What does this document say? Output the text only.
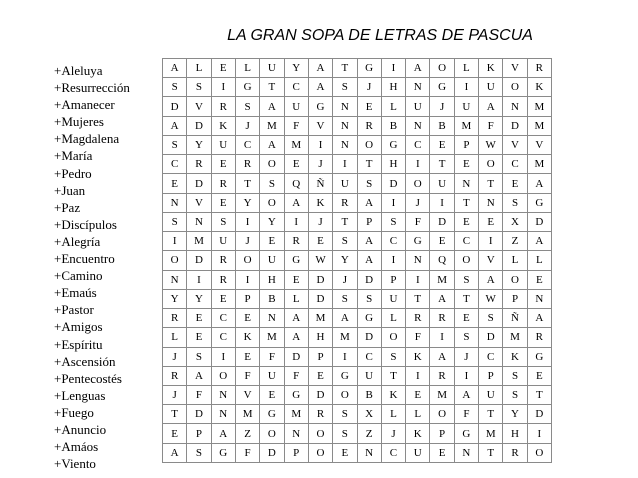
LA GRAN SOPA DE LETRAS DE PASCUA
+Aleluya
+Resurrección
+Amanecer
+Mujeres
+Magdalena
+María
+Pedro
+Juan
+Paz
+Discípulos
+Alegría
+Encuentro
+Camino
+Emaús
+Pastor
+Amigos
+Espíritu
+Ascensión
+Pentecostés
+Lenguas
+Fuego
+Anuncio
+Amáos
+Viento
A	L	E	L	U	Y	A	T	G	I	A	O	L	K	V	R
S	S	I	G	T	C	A	S	J	H	N	G	I	U	O	K
D	V	R	S	A	U	G	N	E	L	U	J	U	A	N	M
A	D	K	J	M	F	V	N	R	B	N	B	M	F	D	M
S	Y	U	C	A	M	I	N	O	G	C	E	P	W	V	V
C	R	E	R	O	E	J	I	T	H	I	T	E	O	C	M
E	D	R	T	S	Q	Ñ	U	S	D	O	U	N	T	E	A
N	V	E	Y	O	A	K	R	A	I	J	I	T	N	S	G
S	N	S	I	Y	I	J	T	P	S	F	D	E	E	X	D
I	M	U	J	E	R	E	S	A	C	G	E	C	I	Z	A
O	D	R	O	U	G	W	Y	A	I	N	Q	O	V	L	L
N	I	R	I	H	E	D	J	D	P	I	M	S	A	O	E
Y	Y	E	P	B	L	D	S	S	U	T	A	T	W	P	N
R	E	C	E	N	A	M	A	G	L	R	R	E	S	Ñ	A
L	E	C	K	M	A	H	M	D	O	F	I	S	D	M	R
J	S	I	E	F	D	P	I	C	S	K	A	J	C	K	G
R	A	O	F	U	F	E	G	U	T	I	R	I	P	S	E
J	F	N	V	E	G	D	O	B	K	E	M	A	U	S	T
T	D	N	M	G	M	R	S	X	L	L	O	F	T	Y	D
E	P	A	Z	O	N	O	S	Z	J	K	P	G	M	H	I
A	S	G	F	D	P	O	E	N	C	U	E	N	T	R	O
